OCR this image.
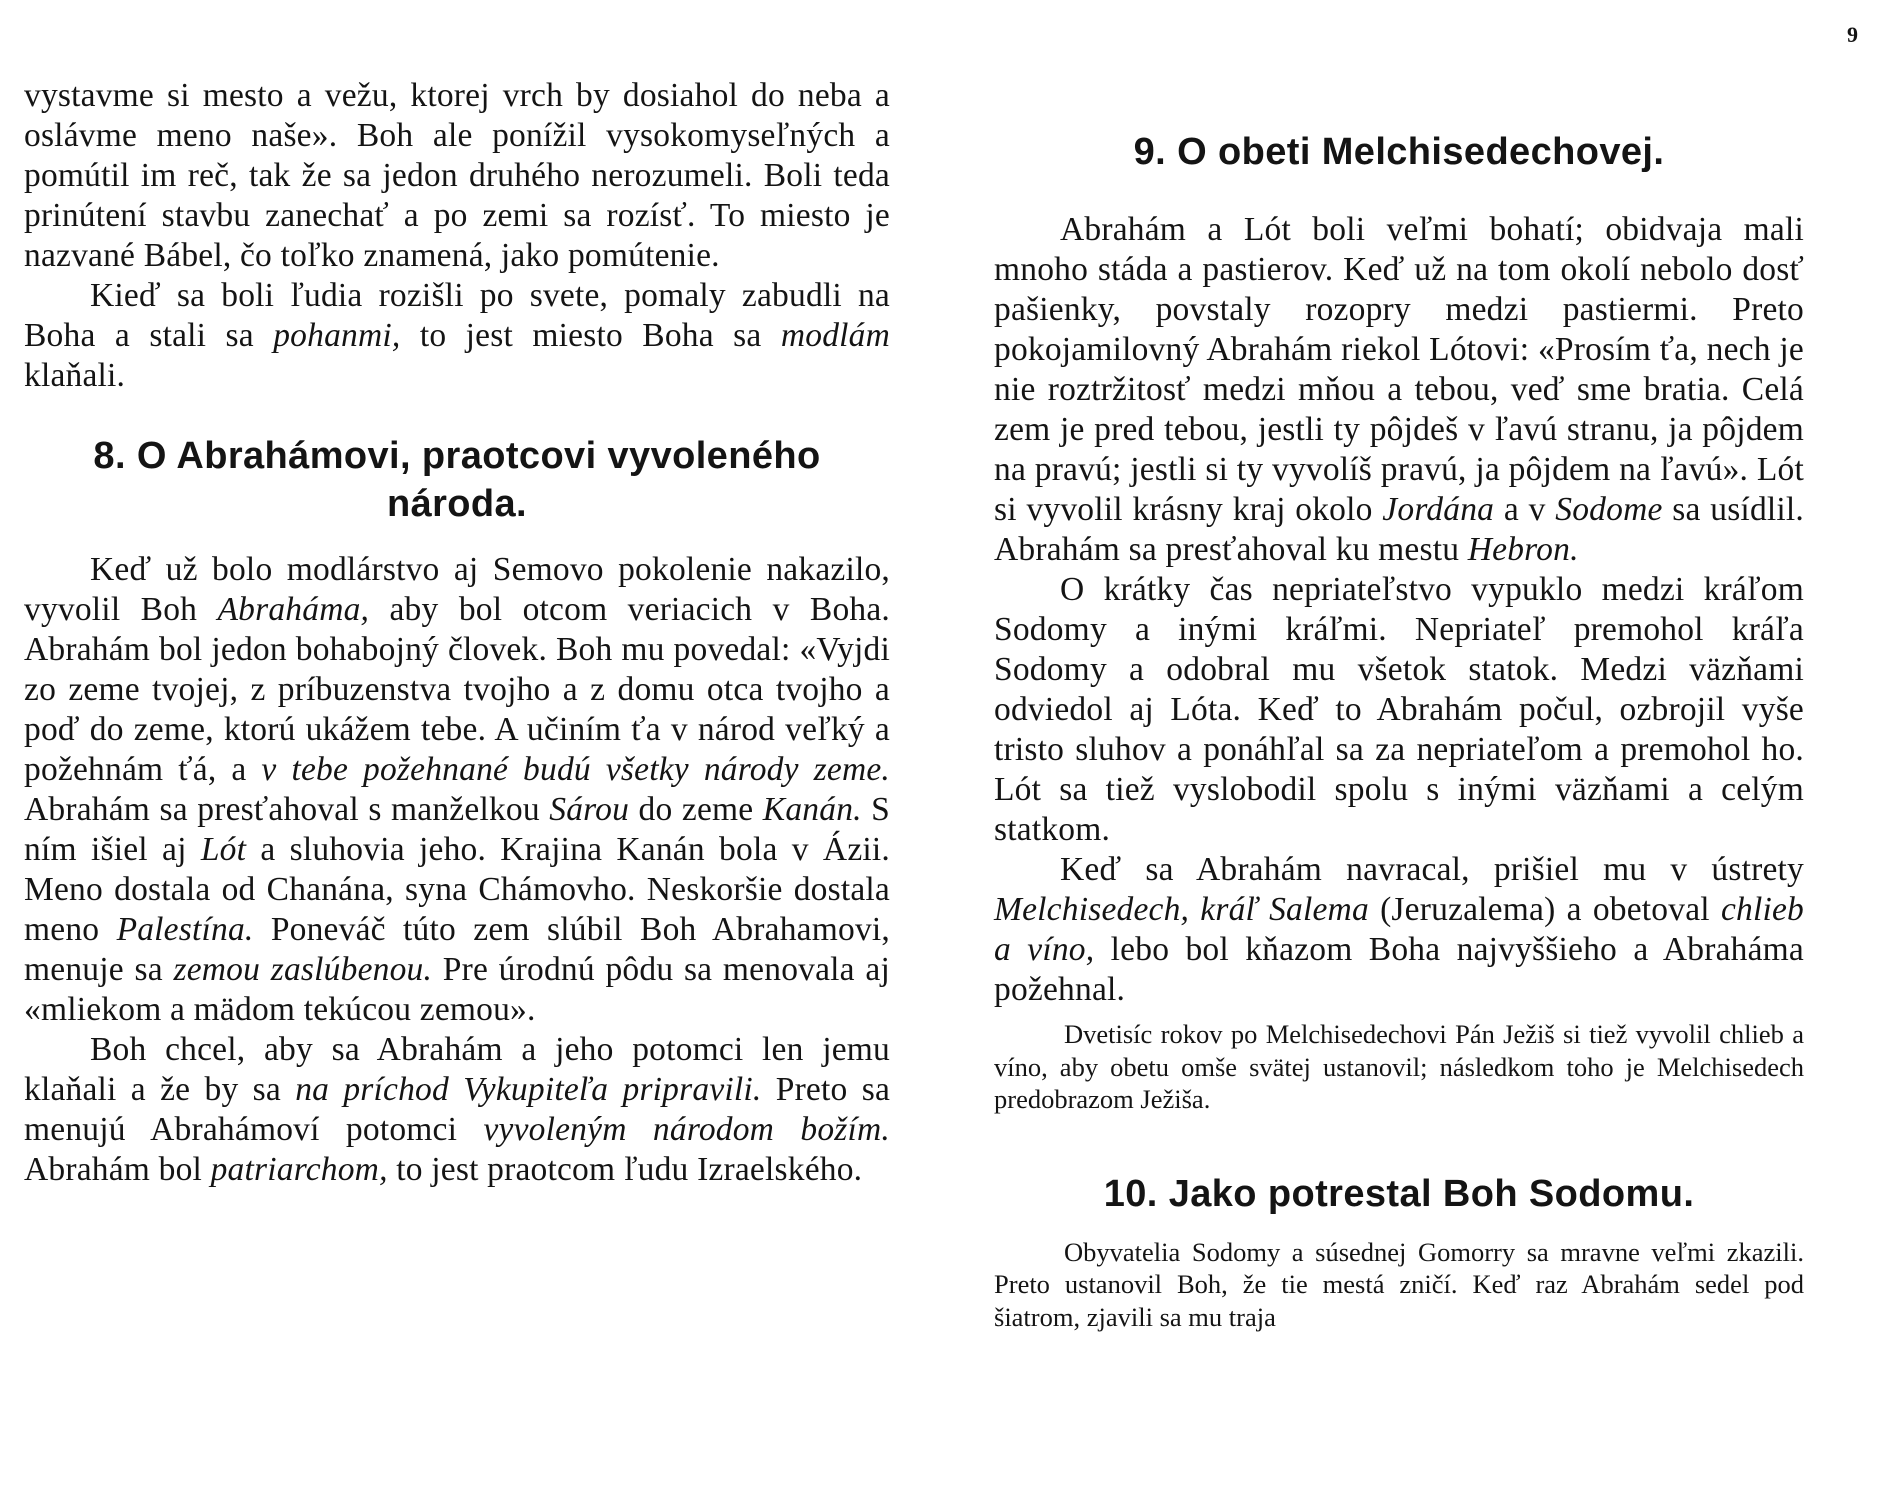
vystavme si mesto a vežu, ktorej vrch by dosiahol do neba a oslávme meno naše». Boh ale ponížil vysokomyseľných a pomútil im reč, tak že sa jedon druhého nerozumeli. Boli teda prinútení stavbu zanechať a po zemi sa rozísť. To miesto je nazvané Bábel, čo toľko znamená, jako pomútenie.

Kieď sa boli ľudia rozišli po svete, pomaly zabudli na Boha a stali sa pohanmi, to jest miesto Boha sa modlám klaňali.

8. O Abrahámovi, praotcovi vyvoleného národa.

Keď už bolo modlárstvo aj Semovo pokolenie nakazilo, vyvolil Boh Abraháma, aby bol otcom veriacich v Boha. Abrahám bol jedon bohabojný človek. Boh mu povedal: «Vyjdi zo zeme tvojej, z príbuzenstva tvojho a z domu otca tvojho a poď do zeme, ktorú ukážem tebe. A učiním ťa v národ veľký a požehnám ťá, a v tebe požehnané budú všetky národy zeme. Abrahám sa presťahoval s manželkou Sárou do zeme Kanán. S ním išiel aj Lót a sluhovia jeho. Krajina Kanán bola v Ázii. Meno dostala od Chanána, syna Chámovho. Neskoršie dostala meno Palestína. Poneváč túto zem slúbil Boh Abrahamovi, menuje sa zemou zaslúbenou. Pre úrodnú pôdu sa menovala aj «mliekom a mädom tekúcou zemou».

Boh chcel, aby sa Abrahám a jeho potomci len jemu klaňali a že by sa na príchod Vykupiteľa pripravili. Preto sa menujú Abrahámoví potomci vyvoleným národom božím. Abrahám bol patriarchom, to jest praotcom ľudu Izraelského.

9
9. O obeti Melchisedechovej.

Abrahám a Lót boli veľmi bohatí; obidvaja mali mnoho stáda a pastierov. Keď už na tom okolí nebolo dosť pašienky, povstaly rozopry medzi pastiermi. Preto pokojamilovný Abrahám riekol Lótovi: «Prosím ťa, nech je nie roztržitosť medzi mňou a tebou, veď sme bratia. Celá zem je pred tebou, jestli ty pôjdeš v ľavú stranu, ja pôjdem na pravú; jestli si ty vyvolíš pravú, ja pôjdem na ľavú». Lót si vyvolil krásny kraj okolo Jordána a v Sodome sa usídlil. Abrahám sa presťahoval ku mestu Hebron.

O krátky čas nepriateľstvo vypuklo medzi kráľom Sodomy a inými kráľmi. Nepriateľ premohol kráľa Sodomy a odobral mu všetok statok. Medzi väzňami odviedol aj Lóta. Keď to Abrahám počul, ozbrojil vyše tristo sluhov a ponáhľal sa za nepriateľom a premohol ho. Lót sa tiež vyslobodil spolu s inými väzňami a celým statkom.

Keď sa Abrahám navracal, prišiel mu v ústrety Melchisedech, kráľ Salema (Jeruzalema) a obetoval chlieb a víno, lebo bol kňazom Boha najvyššieho a Abraháma požehnal.

Dvetisíc rokov po Melchisedechovi Pán Ježiš si tiež vyvolil chlieb a víno, aby obetu omše svätej ustanovil; následkom toho je Melchisedech predobrazom Ježiša.

10. Jako potrestal Boh Sodomu.

Obyvatelia Sodomy a súsednej Gomorry sa mravne veľmi zkazili. Preto ustanovil Boh, že tie mestá zničí. Keď raz Abrahám sedel pod šiatrom, zjavili sa mu traja
